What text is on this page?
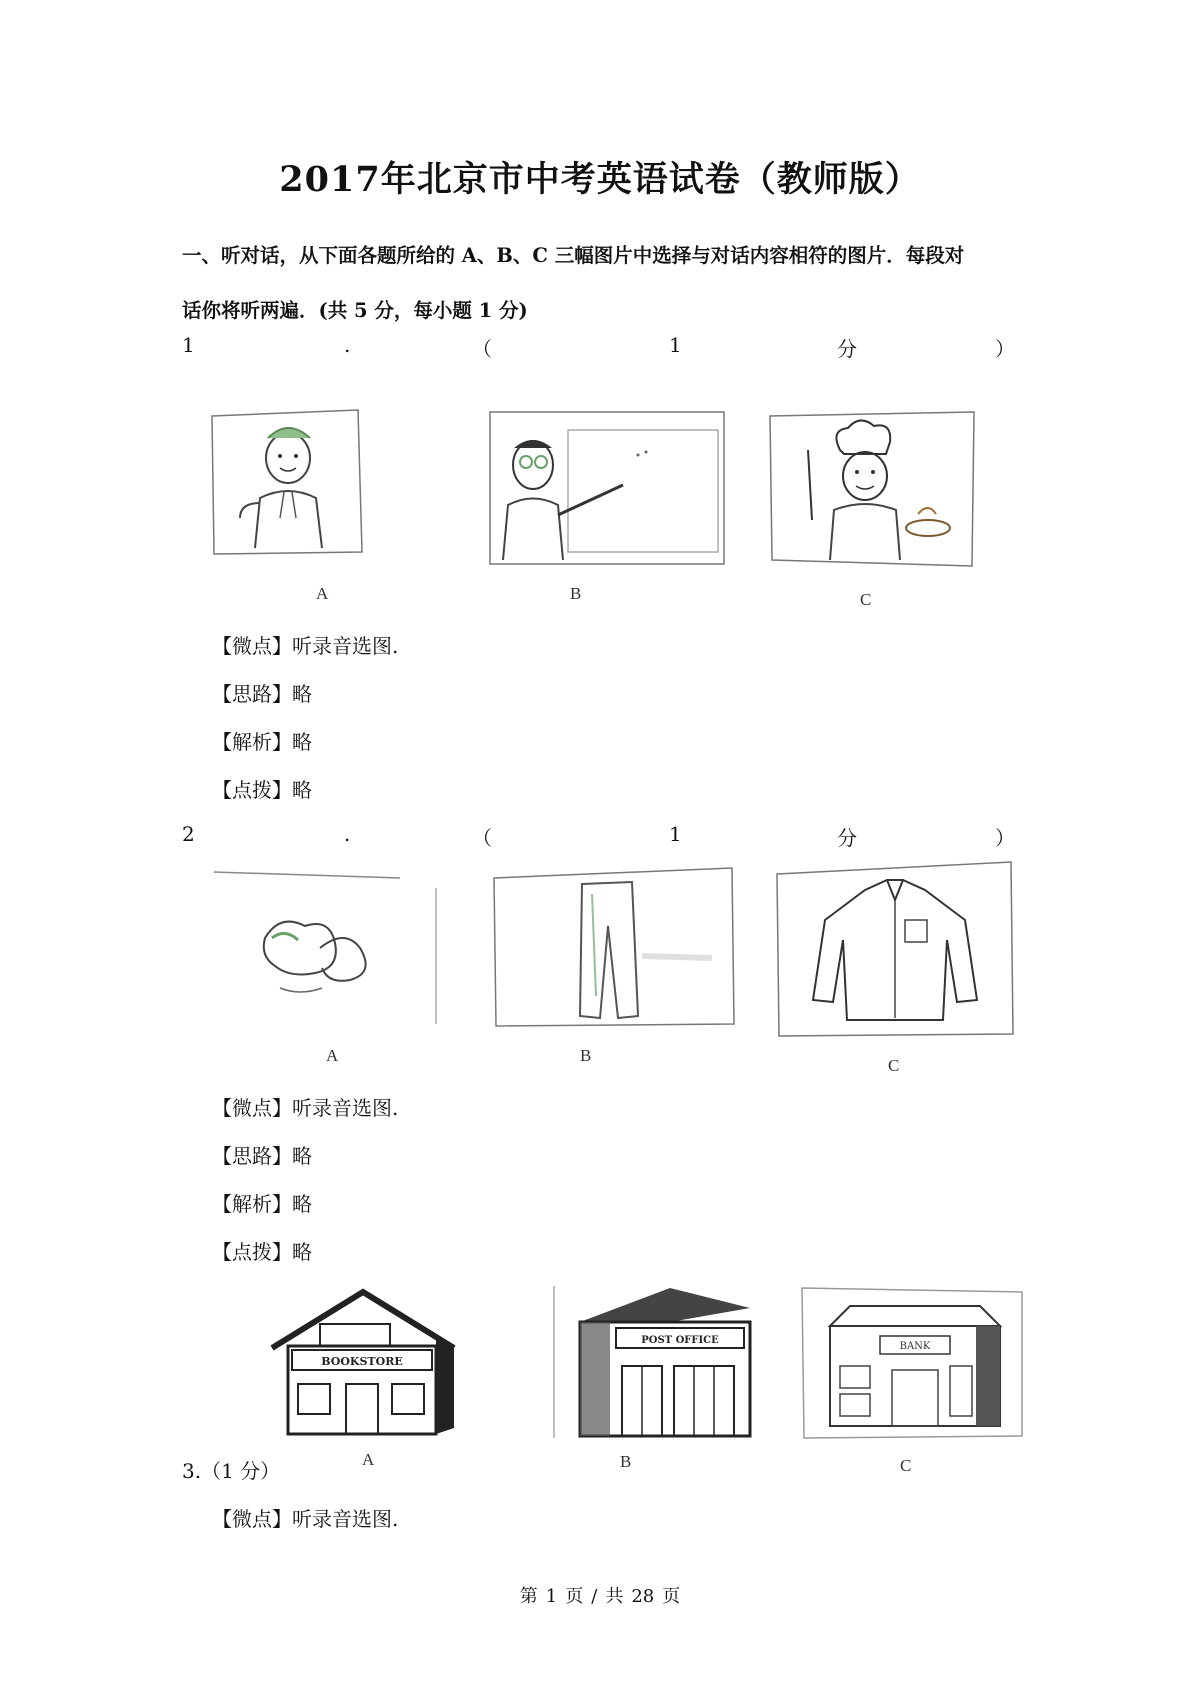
2017年北京市中考英语试卷（教师版）
一、听对话，从下面各题所给的 A、B、C 三幅图片中选择与对话内容相符的图片．每段对
话你将听两遍．(共 5 分，每小题 1 分)
1	.	（	1	分	）
A	B	C
【微点】听录音选图.
【思路】略
【解析】略
【点拨】略
2	.	（	1	分	）
A	B
C
【微点】听录音选图.
【思路】略
【解析】略
【点拨】略
BOOKSTORE
POST OFFICE
BANK
3.（1 分）	A	B	C
【微点】听录音选图.
第 1 页 / 共 28 页
